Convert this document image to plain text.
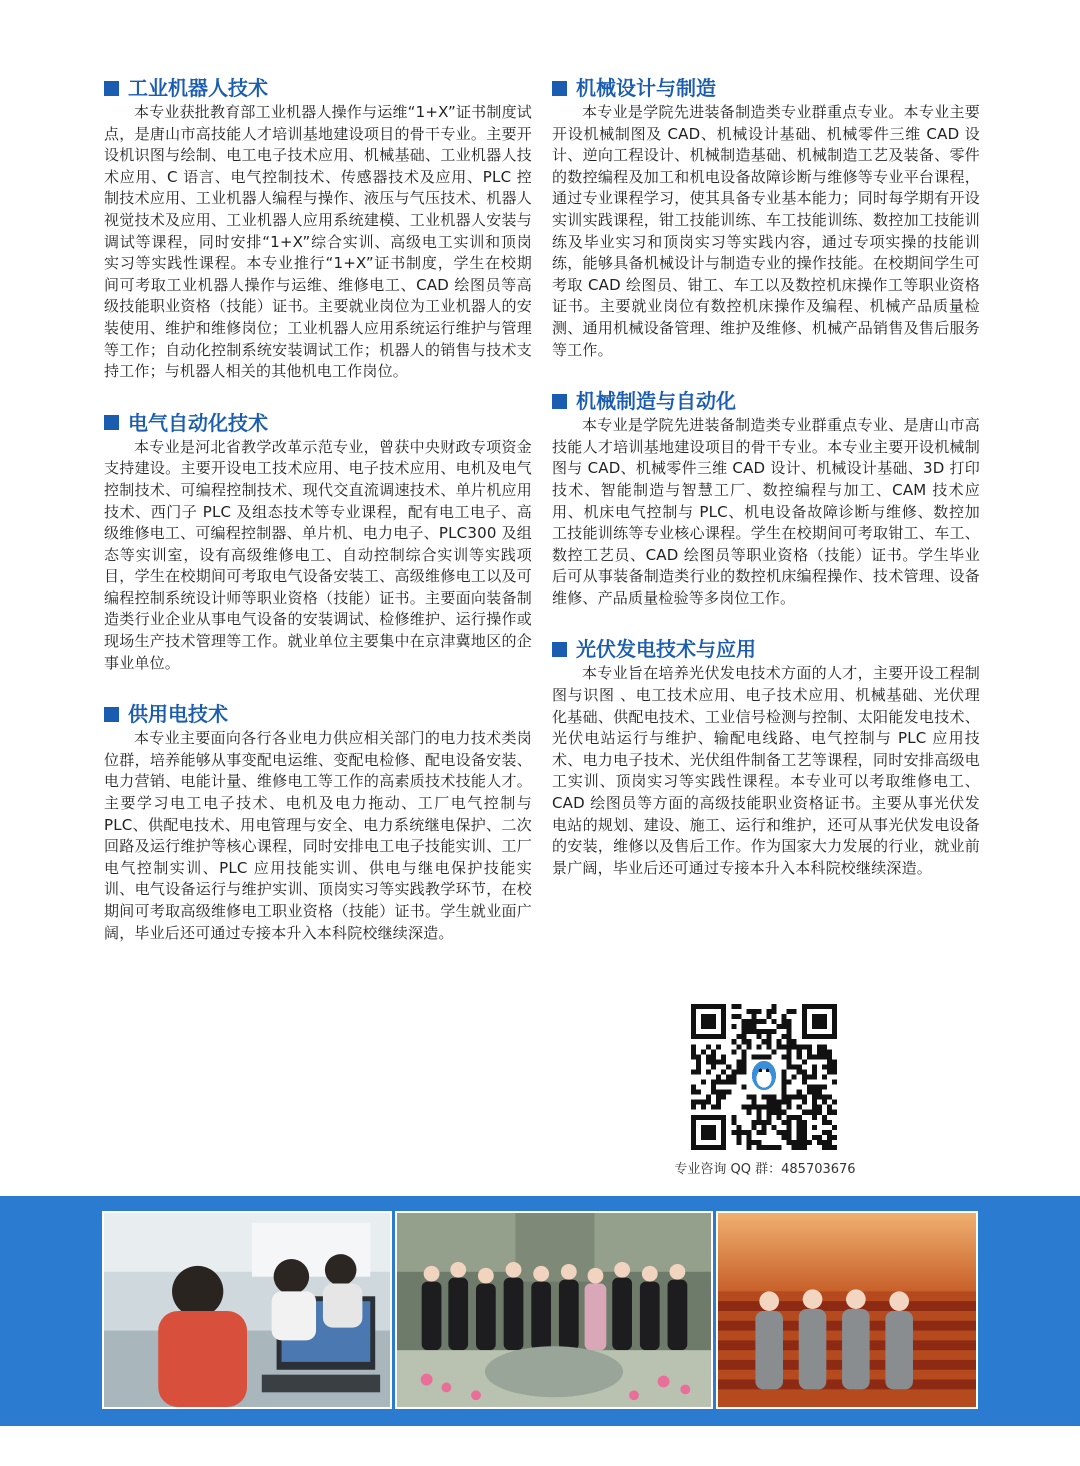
工业机器人技术

本专业获批教育部工业机器人操作与运维“1+X”证书制度试点，是唐山市高技能人才培训基地建设项目的骨干专业。主要开设机识图与绘制、电工电子技术应用、机械基础、工业机器人技术应用、C 语言、电气控制技术、传感器技术及应用、PLC 控制技术应用、工业机器人编程与操作、液压与气压技术、机器人视觉技术及应用、工业机器人应用系统建模、工业机器人安装与调试等课程，同时安排“1+X”综合实训、高级电工实训和顶岗实习等实践性课程。本专业推行“1+X”证书制度，学生在校期间可考取工业机器人操作与运维、维修电工、CAD 绘图员等高级技能职业资格（技能）证书。主要就业岗位为工业机器人的安装使用、维护和维修岗位；工业机器人应用系统运行维护与管理等工作；自动化控制系统安装调试工作；机器人的销售与技术支持工作；与机器人相关的其他机电工作岗位。

电气自动化技术

本专业是河北省教学改革示范专业，曾获中央财政专项资金支持建设。主要开设电工技术应用、电子技术应用、电机及电气控制技术、可编程控制技术、现代交直流调速技术、单片机应用技术、西门子 PLC 及组态技术等专业课程，配有电工电子、高级维修电工、可编程控制器、单片机、电力电子、PLC300 及组态等实训室，设有高级维修电工、自动控制综合实训等实践项目，学生在校期间可考取电气设备安装工、高级维修电工以及可编程控制系统设计师等职业资格（技能）证书。主要面向装备制造类行业企业从事电气设备的安装调试、检修维护、运行操作或现场生产技术管理等工作。就业单位主要集中在京津冀地区的企事业单位。

供用电技术

本专业主要面向各行各业电力供应相关部门的电力技术类岗位群，培养能够从事变配电运维、变配电检修、配电设备安装、电力营销、电能计量、维修电工等工作的高素质技术技能人才。主要学习电工电子技术、电机及电力拖动、工厂电气控制与 PLC、供配电技术、用电管理与安全、电力系统继电保护、二次回路及运行维护等核心课程，同时安排电工电子技能实训、工厂电气控制实训、PLC 应用技能实训、供电与继电保护技能实训、电气设备运行与维护实训、顶岗实习等实践教学环节，在校期间可考取高级维修电工职业资格（技能）证书。学生就业面广阔，毕业后还可通过专接本升入本科院校继续深造。

机械设计与制造

本专业是学院先进装备制造类专业群重点专业。本专业主要开设机械制图及 CAD、机械设计基础、机械零件三维 CAD 设计、逆向工程设计、机械制造基础、机械制造工艺及装备、零件的数控编程及加工和机电设备故障诊断与维修等专业平台课程，通过专业课程学习，使其具备专业基本能力；同时每学期有开设实训实践课程，钳工技能训练、车工技能训练、数控加工技能训练及毕业实习和顶岗实习等实践内容，通过专项实操的技能训练，能够具备机械设计与制造专业的操作技能。在校期间学生可考取 CAD 绘图员、钳工、车工以及数控机床操作工等职业资格证书。主要就业岗位有数控机床操作及编程、机械产品质量检测、通用机械设备管理、维护及维修、机械产品销售及售后服务等工作。

机械制造与自动化

本专业是学院先进装备制造类专业群重点专业、是唐山市高技能人才培训基地建设项目的骨干专业。本专业主要开设机械制图与 CAD、机械零件三维 CAD 设计、机械设计基础、3D 打印技术、智能制造与智慧工厂、数控编程与加工、CAM 技术应用、机床电气控制与 PLC、机电设备故障诊断与维修、数控加工技能训练等专业核心课程。学生在校期间可考取钳工、车工、数控工艺员、CAD 绘图员等职业资格（技能）证书。学生毕业后可从事装备制造类行业的数控机床编程操作、技术管理、设备维修、产品质量检验等多岗位工作。

光伏发电技术与应用

本专业旨在培养光伏发电技术方面的人才，主要开设工程制图与识图 、电工技术应用、电子技术应用、机械基础、光伏理化基础、供配电技术、工业信号检测与控制、太阳能发电技术、光伏电站运行与维护、输配电线路、电气控制与 PLC 应用技术、电力电子技术、光伏组件制备工艺等课程，同时安排高级电工实训、顶岗实习等实践性课程。本专业可以考取维修电工、CAD 绘图员等方面的高级技能职业资格证书。主要从事光伏发电站的规划、建设、施工、运行和维护，还可从事光伏发电设备的安装，维修以及售后工作。作为国家大力发展的行业，就业前景广阔，毕业后还可通过专接本升入本科院校继续深造。

专业咨询 QQ 群：485703676
